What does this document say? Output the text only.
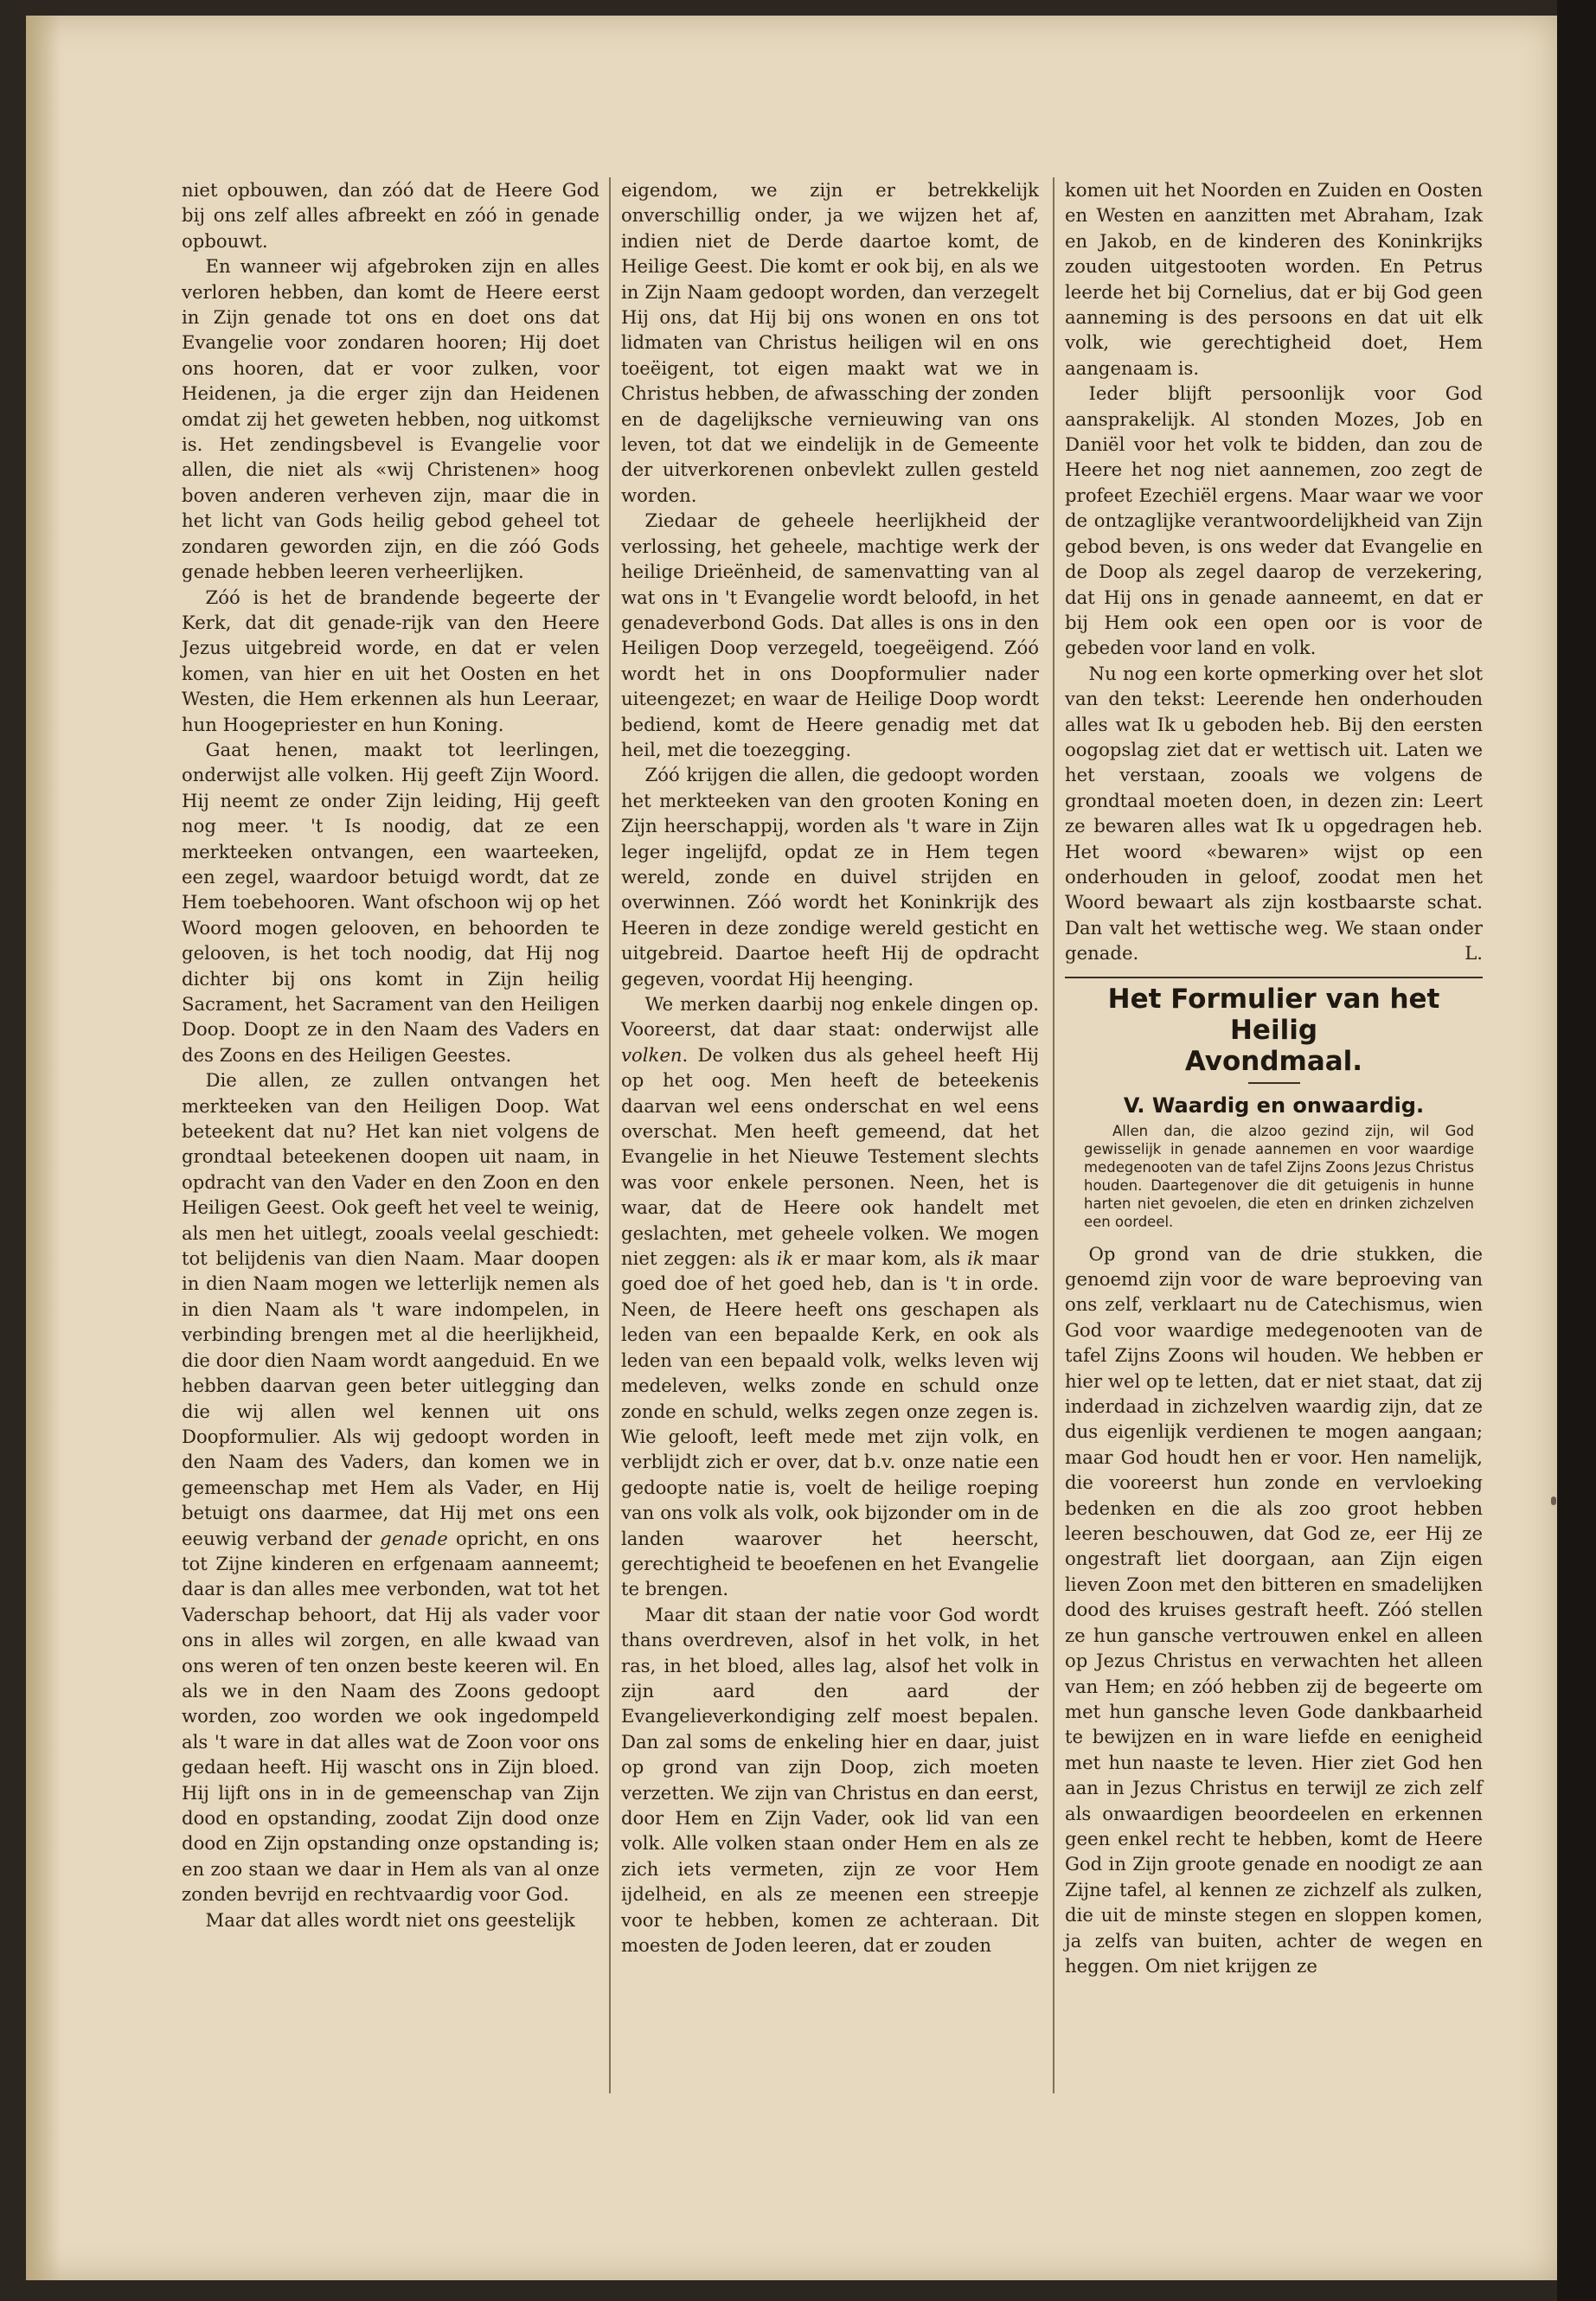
niet opbouwen, dan zóó dat de Heere God bij ons zelf alles afbreekt en zóó in genade opbouwt.

En wanneer wij afgebroken zijn en alles verloren hebben, dan komt de Heere eerst in Zijn genade tot ons en doet ons dat Evangelie voor zondaren hooren; Hij doet ons hooren, dat er voor zulken, voor Heidenen, ja die erger zijn dan Heidenen omdat zij het geweten hebben, nog uitkomst is. Het zendingsbevel is Evangelie voor allen, die niet als «wij Christenen» hoog boven anderen verheven zijn, maar die in het licht van Gods heilig gebod geheel tot zondaren geworden zijn, en die zóó Gods genade hebben leeren verheerlijken.

Zóó is het de brandende begeerte der Kerk, dat dit genade-rijk van den Heere Jezus uitgebreid worde, en dat er velen komen, van hier en uit het Oosten en het Westen, die Hem erkennen als hun Leeraar, hun Hoogepriester en hun Koning.

Gaat henen, maakt tot leerlingen, onderwijst alle volken. Hij geeft Zijn Woord. Hij neemt ze onder Zijn leiding, Hij geeft nog meer. 't Is noodig, dat ze een merkteeken ontvangen, een waarteeken, een zegel, waardoor betuigd wordt, dat ze Hem toebehooren. Want ofschoon wij op het Woord mogen gelooven, en behoorden te gelooven, is het toch noodig, dat Hij nog dichter bij ons komt in Zijn heilig Sacrament, het Sacrament van den Heiligen Doop. Doopt ze in den Naam des Vaders en des Zoons en des Heiligen Geestes.

Die allen, ze zullen ontvangen het merkteeken van den Heiligen Doop. Wat beteekent dat nu? Het kan niet volgens de grondtaal beteekenen doopen uit naam, in opdracht van den Vader en den Zoon en den Heiligen Geest. Ook geeft het veel te weinig, als men het uitlegt, zooals veelal geschiedt: tot belijdenis van dien Naam. Maar doopen in dien Naam mogen we letterlijk nemen als in dien Naam als 't ware indompelen, in verbinding brengen met al die heerlijkheid, die door dien Naam wordt aangeduid. En we hebben daarvan geen beter uitlegging dan die wij allen wel kennen uit ons Doopformulier. Als wij gedoopt worden in den Naam des Vaders, dan komen we in gemeenschap met Hem als Vader, en Hij betuigt ons daarmee, dat Hij met ons een eeuwig verband der genade opricht, en ons tot Zijne kinderen en erfgenaam aanneemt; daar is dan alles mee verbonden, wat tot het Vaderschap behoort, dat Hij als vader voor ons in alles wil zorgen, en alle kwaad van ons weren of ten onzen beste keeren wil. En als we in den Naam des Zoons gedoopt worden, zoo worden we ook ingedompeld als 't ware in dat alles wat de Zoon voor ons gedaan heeft. Hij wascht ons in Zijn bloed. Hij lijft ons in in de gemeenschap van Zijn dood en opstanding, zoodat Zijn dood onze dood en Zijn opstanding onze opstanding is; en zoo staan we daar in Hem als van al onze zonden bevrijd en rechtvaardig voor God.

Maar dat alles wordt niet ons geestelijk

eigendom, we zijn er betrekkelijk onverschillig onder, ja we wijzen het af, indien niet de Derde daartoe komt, de Heilige Geest. Die komt er ook bij, en als we in Zijn Naam gedoopt worden, dan verzegelt Hij ons, dat Hij bij ons wonen en ons tot lidmaten van Christus heiligen wil en ons toeëigent, tot eigen maakt wat we in Christus hebben, de afwassching der zonden en de dagelijksche vernieuwing van ons leven, tot dat we eindelijk in de Gemeente der uitverkorenen onbevlekt zullen gesteld worden.

Ziedaar de geheele heerlijkheid der verlossing, het geheele, machtige werk der heilige Drieënheid, de samenvatting van al wat ons in 't Evangelie wordt beloofd, in het genadeverbond Gods. Dat alles is ons in den Heiligen Doop verzegeld, toegeëigend. Zóó wordt het in ons Doopformulier nader uiteengezet; en waar de Heilige Doop wordt bediend, komt de Heere genadig met dat heil, met die toezegging.

Zóó krijgen die allen, die gedoopt worden het merkteeken van den grooten Koning en Zijn heerschappij, worden als 't ware in Zijn leger ingelijfd, opdat ze in Hem tegen wereld, zonde en duivel strijden en overwinnen. Zóó wordt het Koninkrijk des Heeren in deze zondige wereld gesticht en uitgebreid. Daartoe heeft Hij de opdracht gegeven, voordat Hij heenging.

We merken daarbij nog enkele dingen op. Vooreerst, dat daar staat: onderwijst alle volken. De volken dus als geheel heeft Hij op het oog. Men heeft de beteekenis daarvan wel eens onderschat en wel eens overschat. Men heeft gemeend, dat het Evangelie in het Nieuwe Testement slechts was voor enkele personen. Neen, het is waar, dat de Heere ook handelt met geslachten, met geheele volken. We mogen niet zeggen: als ik er maar kom, als ik maar goed doe of het goed heb, dan is 't in orde. Neen, de Heere heeft ons geschapen als leden van een bepaalde Kerk, en ook als leden van een bepaald volk, welks leven wij medeleven, welks zonde en schuld onze zonde en schuld, welks zegen onze zegen is. Wie gelooft, leeft mede met zijn volk, en verblijdt zich er over, dat b.v. onze natie een gedoopte natie is, voelt de heilige roeping van ons volk als volk, ook bijzonder om in de landen waarover het heerscht, gerechtigheid te beoefenen en het Evangelie te brengen.

Maar dit staan der natie voor God wordt thans overdreven, alsof in het volk, in het ras, in het bloed, alles lag, alsof het volk in zijn aard den aard der Evangelieverkondiging zelf moest bepalen. Dan zal soms de enkeling hier en daar, juist op grond van zijn Doop, zich moeten verzetten. We zijn van Christus en dan eerst, door Hem en Zijn Vader, ook lid van een volk. Alle volken staan onder Hem en als ze zich iets vermeten, zijn ze voor Hem ijdelheid, en als ze meenen een streepje voor te hebben, komen ze achteraan. Dit moesten de Joden leeren, dat er zouden

komen uit het Noorden en Zuiden en Oosten en Westen en aanzitten met Abraham, Izak en Jakob, en de kinderen des Koninkrijks zouden uitgestooten worden. En Petrus leerde het bij Cornelius, dat er bij God geen aanneming is des persoons en dat uit elk volk, wie gerechtigheid doet, Hem aangenaam is.

Ieder blijft persoonlijk voor God aansprakelijk. Al stonden Mozes, Job en Daniël voor het volk te bidden, dan zou de Heere het nog niet aannemen, zoo zegt de profeet Ezechiël ergens. Maar waar we voor de ontzaglijke verantwoordelijkheid van Zijn gebod beven, is ons weder dat Evangelie en de Doop als zegel daarop de verzekering, dat Hij ons in genade aanneemt, en dat er bij Hem ook een open oor is voor de gebeden voor land en volk.

Nu nog een korte opmerking over het slot van den tekst: Leerende hen onderhouden alles wat Ik u geboden heb. Bij den eersten oogopslag ziet dat er wettisch uit. Laten we het verstaan, zooals we volgens de grondtaal moeten doen, in dezen zin: Leert ze bewaren alles wat Ik u opgedragen heb. Het woord «bewaren» wijst op een onderhouden in geloof, zoodat men het Woord bewaart als zijn kostbaarste schat. Dan valt het wettische weg. We staan onder genade.	L.

Het Formulier van het Heilig
Avondmaal.
V. Waardig en onwaardig.

Allen dan, die alzoo gezind zijn, wil God gewisselijk in genade aannemen en voor waardige medegenooten van de tafel Zijns Zoons Jezus Christus houden. Daartegenover die dit getuigenis in hunne harten niet gevoelen, die eten en drinken zichzelven een oordeel.

Op grond van de drie stukken, die genoemd zijn voor de ware beproeving van ons zelf, verklaart nu de Catechismus, wien God voor waardige medegenooten van de tafel Zijns Zoons wil houden. We hebben er hier wel op te letten, dat er niet staat, dat zij inderdaad in zichzelven waardig zijn, dat ze dus eigenlijk verdienen te mogen aangaan; maar God houdt hen er voor. Hen namelijk, die vooreerst hun zonde en vervloeking bedenken en die als zoo groot hebben leeren beschouwen, dat God ze, eer Hij ze ongestraft liet doorgaan, aan Zijn eigen lieven Zoon met den bitteren en smadelijken dood des kruises gestraft heeft. Zóó stellen ze hun gansche vertrouwen enkel en alleen op Jezus Christus en verwachten het alleen van Hem; en zóó hebben zij de begeerte om met hun gansche leven Gode dankbaarheid te bewijzen en in ware liefde en eenigheid met hun naaste te leven. Hier ziet God hen aan in Jezus Christus en terwijl ze zich zelf als onwaardigen beoordeelen en erkennen geen enkel recht te hebben, komt de Heere God in Zijn groote genade en noodigt ze aan Zijne tafel, al kennen ze zichzelf als zulken, die uit de minste stegen en sloppen komen, ja zelfs van buiten, achter de wegen en heggen. Om niet krijgen ze
